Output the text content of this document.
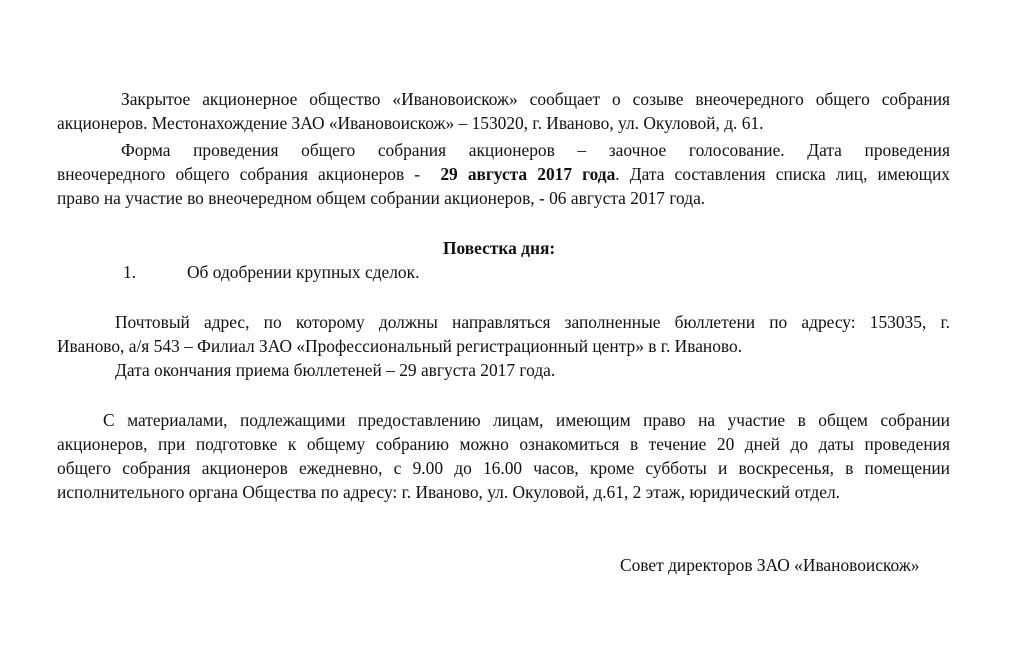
Закрытое акционерное общество «Ивановоискож» сообщает о созыве внеочередного общего собрания
акционеров. Местонахождение ЗАО «Ивановоискож» – 153020, г. Иваново, ул. Окуловой, д. 61.
Форма проведения общего собрания акционеров – заочное голосование. Дата проведения
внеочередного общего собрания акционеров -  29 августа 2017 года. Дата составления списка лиц, имеющих
право на участие во внеочередном общем собрании акционеров, - 06 августа 2017 года.
Повестка дня:
1.	Об одобрении крупных сделок.
Почтовый адрес, по которому должны направляться заполненные бюллетени по адресу: 153035, г.
Иваново, а/я 543 – Филиал ЗАО «Профессиональный регистрационный центр» в г. Иваново.
Дата окончания приема бюллетеней – 29 августа 2017 года.
С материалами, подлежащими предоставлению лицам, имеющим право на участие в общем собрании
акционеров, при подготовке к общему собранию можно ознакомиться в течение 20 дней до даты проведения
общего собрания акционеров ежедневно, с 9.00 до 16.00 часов, кроме субботы и воскресенья, в помещении
исполнительного органа Общества по адресу: г. Иваново, ул. Окуловой, д.61, 2 этаж, юридический отдел.
Совет директоров ЗАО «Ивановоискож»
